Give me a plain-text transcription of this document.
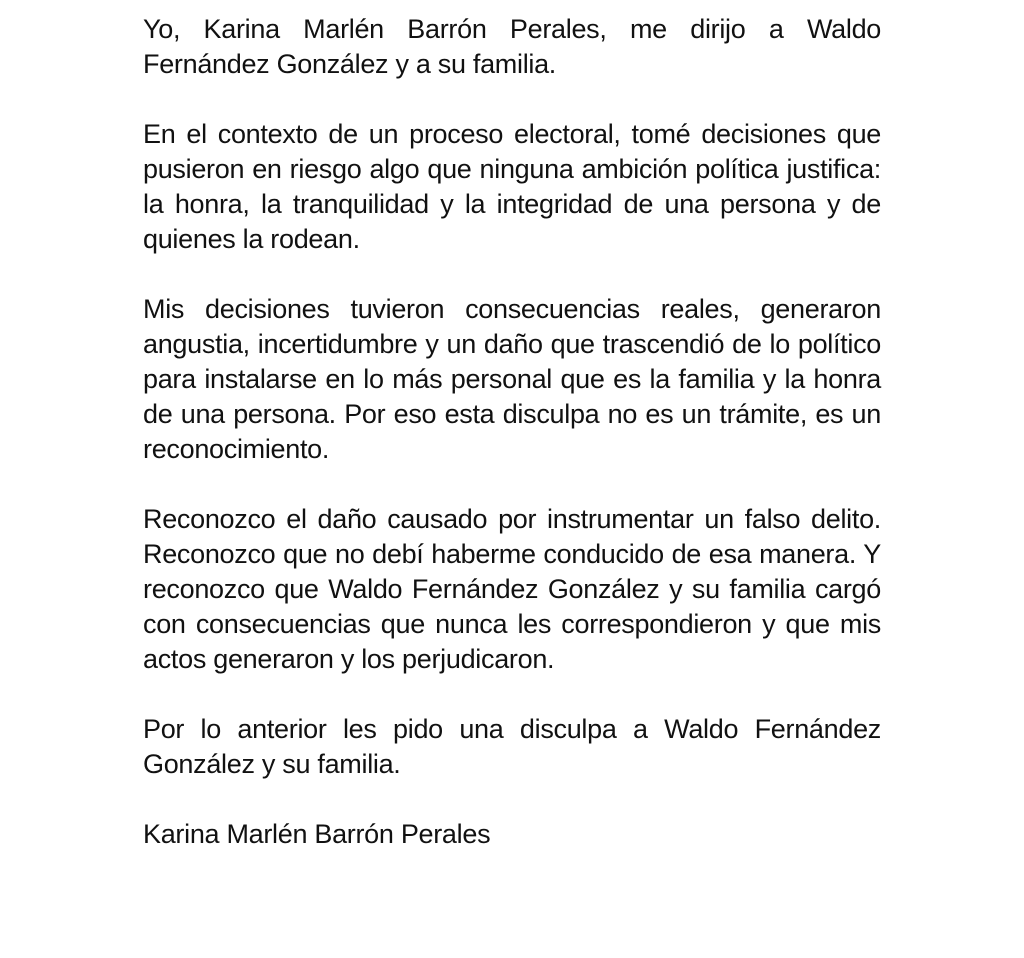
Yo, Karina Marlén Barrón Perales, me dirijo a Waldo Fernández González y a su familia.

En el contexto de un proceso electoral, tomé decisiones que pusieron en riesgo algo que ninguna ambición política justifica: la honra, la tranquilidad y la integridad de una persona y de quienes la rodean.

Mis decisiones tuvieron consecuencias reales, generaron angustia, incertidumbre y un daño que trascendió de lo político para instalarse en lo más personal que es la familia y la honra de una persona. Por eso esta disculpa no es un trámite, es un reconocimiento.

Reconozco el daño causado por instrumentar un falso delito. Reconozco que no debí haberme conducido de esa manera. Y reconozco que Waldo Fernández González y su familia cargó con consecuencias que nunca les correspondieron y que mis actos generaron y los perjudicaron.

Por lo anterior les pido una disculpa a Waldo Fernández González y su familia.

Karina Marlén Barrón Perales
